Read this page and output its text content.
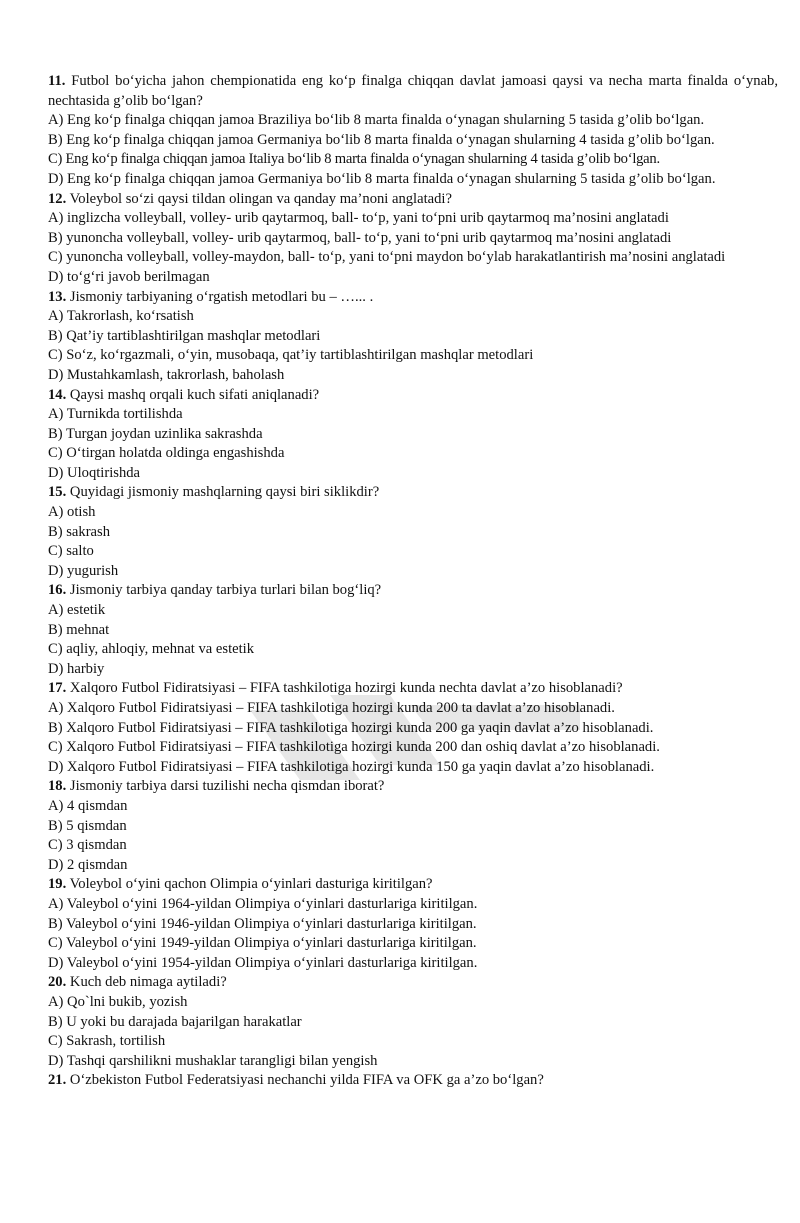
11. Futbol bo‘yicha jahon chempionatida eng ko‘p finalga chiqqan davlat jamoasi qaysi va necha marta finalda o‘ynab, nechtasida g’olib bo‘lgan?

A) Eng ko‘p finalga chiqqan jamoa Braziliya bo‘lib 8 marta finalda o‘ynagan shularning 5 tasida g’olib bo‘lgan.

B) Eng ko‘p finalga chiqqan jamoa Germaniya bo‘lib 8 marta finalda o‘ynagan shularning 4 tasida g’olib bo‘lgan.

C) Eng ko‘p finalga chiqqan jamoa Italiya bo‘lib 8 marta finalda o‘ynagan shularning 4 tasida g’olib bo‘lgan.

D) Eng ko‘p finalga chiqqan jamoa Germaniya bo‘lib 8 marta finalda o‘ynagan shularning 5 tasida g’olib bo‘lgan.

12. Voleybol so‘zi qaysi tildan olingan va qanday ma’noni anglatadi?

A) inglizcha volleyball, volley- urib qaytarmoq, ball- to‘p, yani to‘pni urib qaytarmoq ma’nosini anglatadi

B) yunoncha volleyball, volley- urib qaytarmoq, ball- to‘p, yani to‘pni urib qaytarmoq ma’nosini anglatadi

C) yunoncha volleyball, volley-maydon, ball- to‘p, yani to‘pni maydon bo‘ylab harakatlantirish ma’nosini anglatadi

D) to‘g‘ri javob berilmagan

13. Jismoniy tarbiyaning o‘rgatish metodlari bu – …... .

A) Takrorlash, ko‘rsatish

B) Qat’iy tartiblashtirilgan mashqlar metodlari

C) So‘z, ko‘rgazmali, o‘yin, musobaqa, qat’iy tartiblashtirilgan mashqlar metodlari

D) Mustahkamlash, takrorlash, baholash

14. Qaysi mashq orqali kuch sifati aniqlanadi?

A) Turnikda tortilishda

B) Turgan joydan uzinlika sakrashda

C) O‘tirgan holatda oldinga engashishda

D) Uloqtirishda

15. Quyidagi jismoniy mashqlarning qaysi biri siklikdir?

A) otish

B) sakrash

C) salto

D) yugurish

16. Jismoniy tarbiya qanday tarbiya turlari bilan bog‘liq?

A) estetik

B) mehnat

C) aqliy, ahloqiy, mehnat va estetik

D) harbiy

17. Xalqoro Futbol Fidiratsiyasi – FIFA tashkilotiga hozirgi kunda nechta davlat a’zo hisoblanadi?

A) Xalqoro Futbol Fidiratsiyasi – FIFA tashkilotiga hozirgi kunda 200 ta davlat a’zo hisoblanadi.

B) Xalqoro Futbol Fidiratsiyasi – FIFA tashkilotiga hozirgi kunda 200 ga yaqin davlat a’zo hisoblanadi.

C) Xalqoro Futbol Fidiratsiyasi – FIFA tashkilotiga hozirgi kunda 200 dan oshiq davlat a’zo hisoblanadi.

D) Xalqoro Futbol Fidiratsiyasi – FIFA tashkilotiga hozirgi kunda 150 ga yaqin davlat a’zo hisoblanadi.

18. Jismoniy tarbiya darsi tuzilishi necha qismdan iborat?

A) 4 qismdan

B) 5 qismdan

C) 3 qismdan

D) 2 qismdan

19. Voleybol o‘yini qachon Olimpia o‘yinlari dasturiga kiritilgan?

A) Valeybol o‘yini 1964-yildan Olimpiya o‘yinlari dasturlariga kiritilgan.

B) Valeybol o‘yini 1946-yildan Olimpiya o‘yinlari dasturlariga kiritilgan.

C) Valeybol o‘yini 1949-yildan Olimpiya o‘yinlari dasturlariga kiritilgan.

D) Valeybol o‘yini 1954-yildan Olimpiya o‘yinlari dasturlariga kiritilgan.

20. Kuch deb nimaga aytiladi?

A) Qo`lni bukib, yozish

B) U yoki bu darajada bajarilgan harakatlar

C) Sakrash, tortilish

D) Tashqi qarshilikni mushaklar tarangligi bilan yengish

21. O‘zbekiston Futbol Federatsiyasi nechanchi yilda FIFA va OFK ga a’zo bo‘lgan?
